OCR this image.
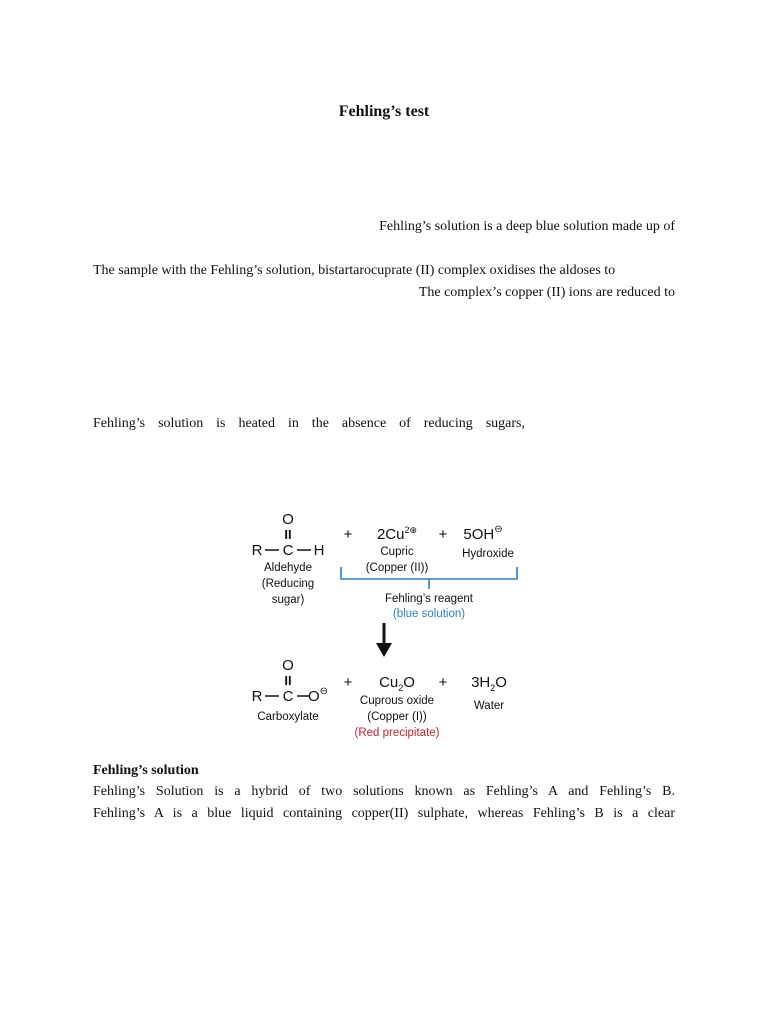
Fehling’s test
Fehling’s solution is a deep blue solution made up of
The sample with the Fehling’s solution, bistartarocuprate (II) complex oxidises the aldoses to
The complex’s copper (II) ions are reduced to
Fehling’s solution is heated in the absence of reducing sugars,
O
II
R C H
Aldehyde
(Reducing
sugar)
+ $2Cu^{2\oplus}$
Cupric
(Copper (II))
+ 5OH⊖
Hydroxide
Fehling’s reagent
(blue solution)
O
II
R C O⊖
Carboxylate
+ $Cu_2O$
Cuprous oxide
(Copper (I))
(Red precipitate)
+ $3H_2O$
Water
Fehling’s solution
Fehling’s Solution is a hybrid of two solutions known as Fehling’s A and Fehling’s B.
Fehling’s A is a blue liquid containing copper(II) sulphate, whereas Fehling’s B is a clear
